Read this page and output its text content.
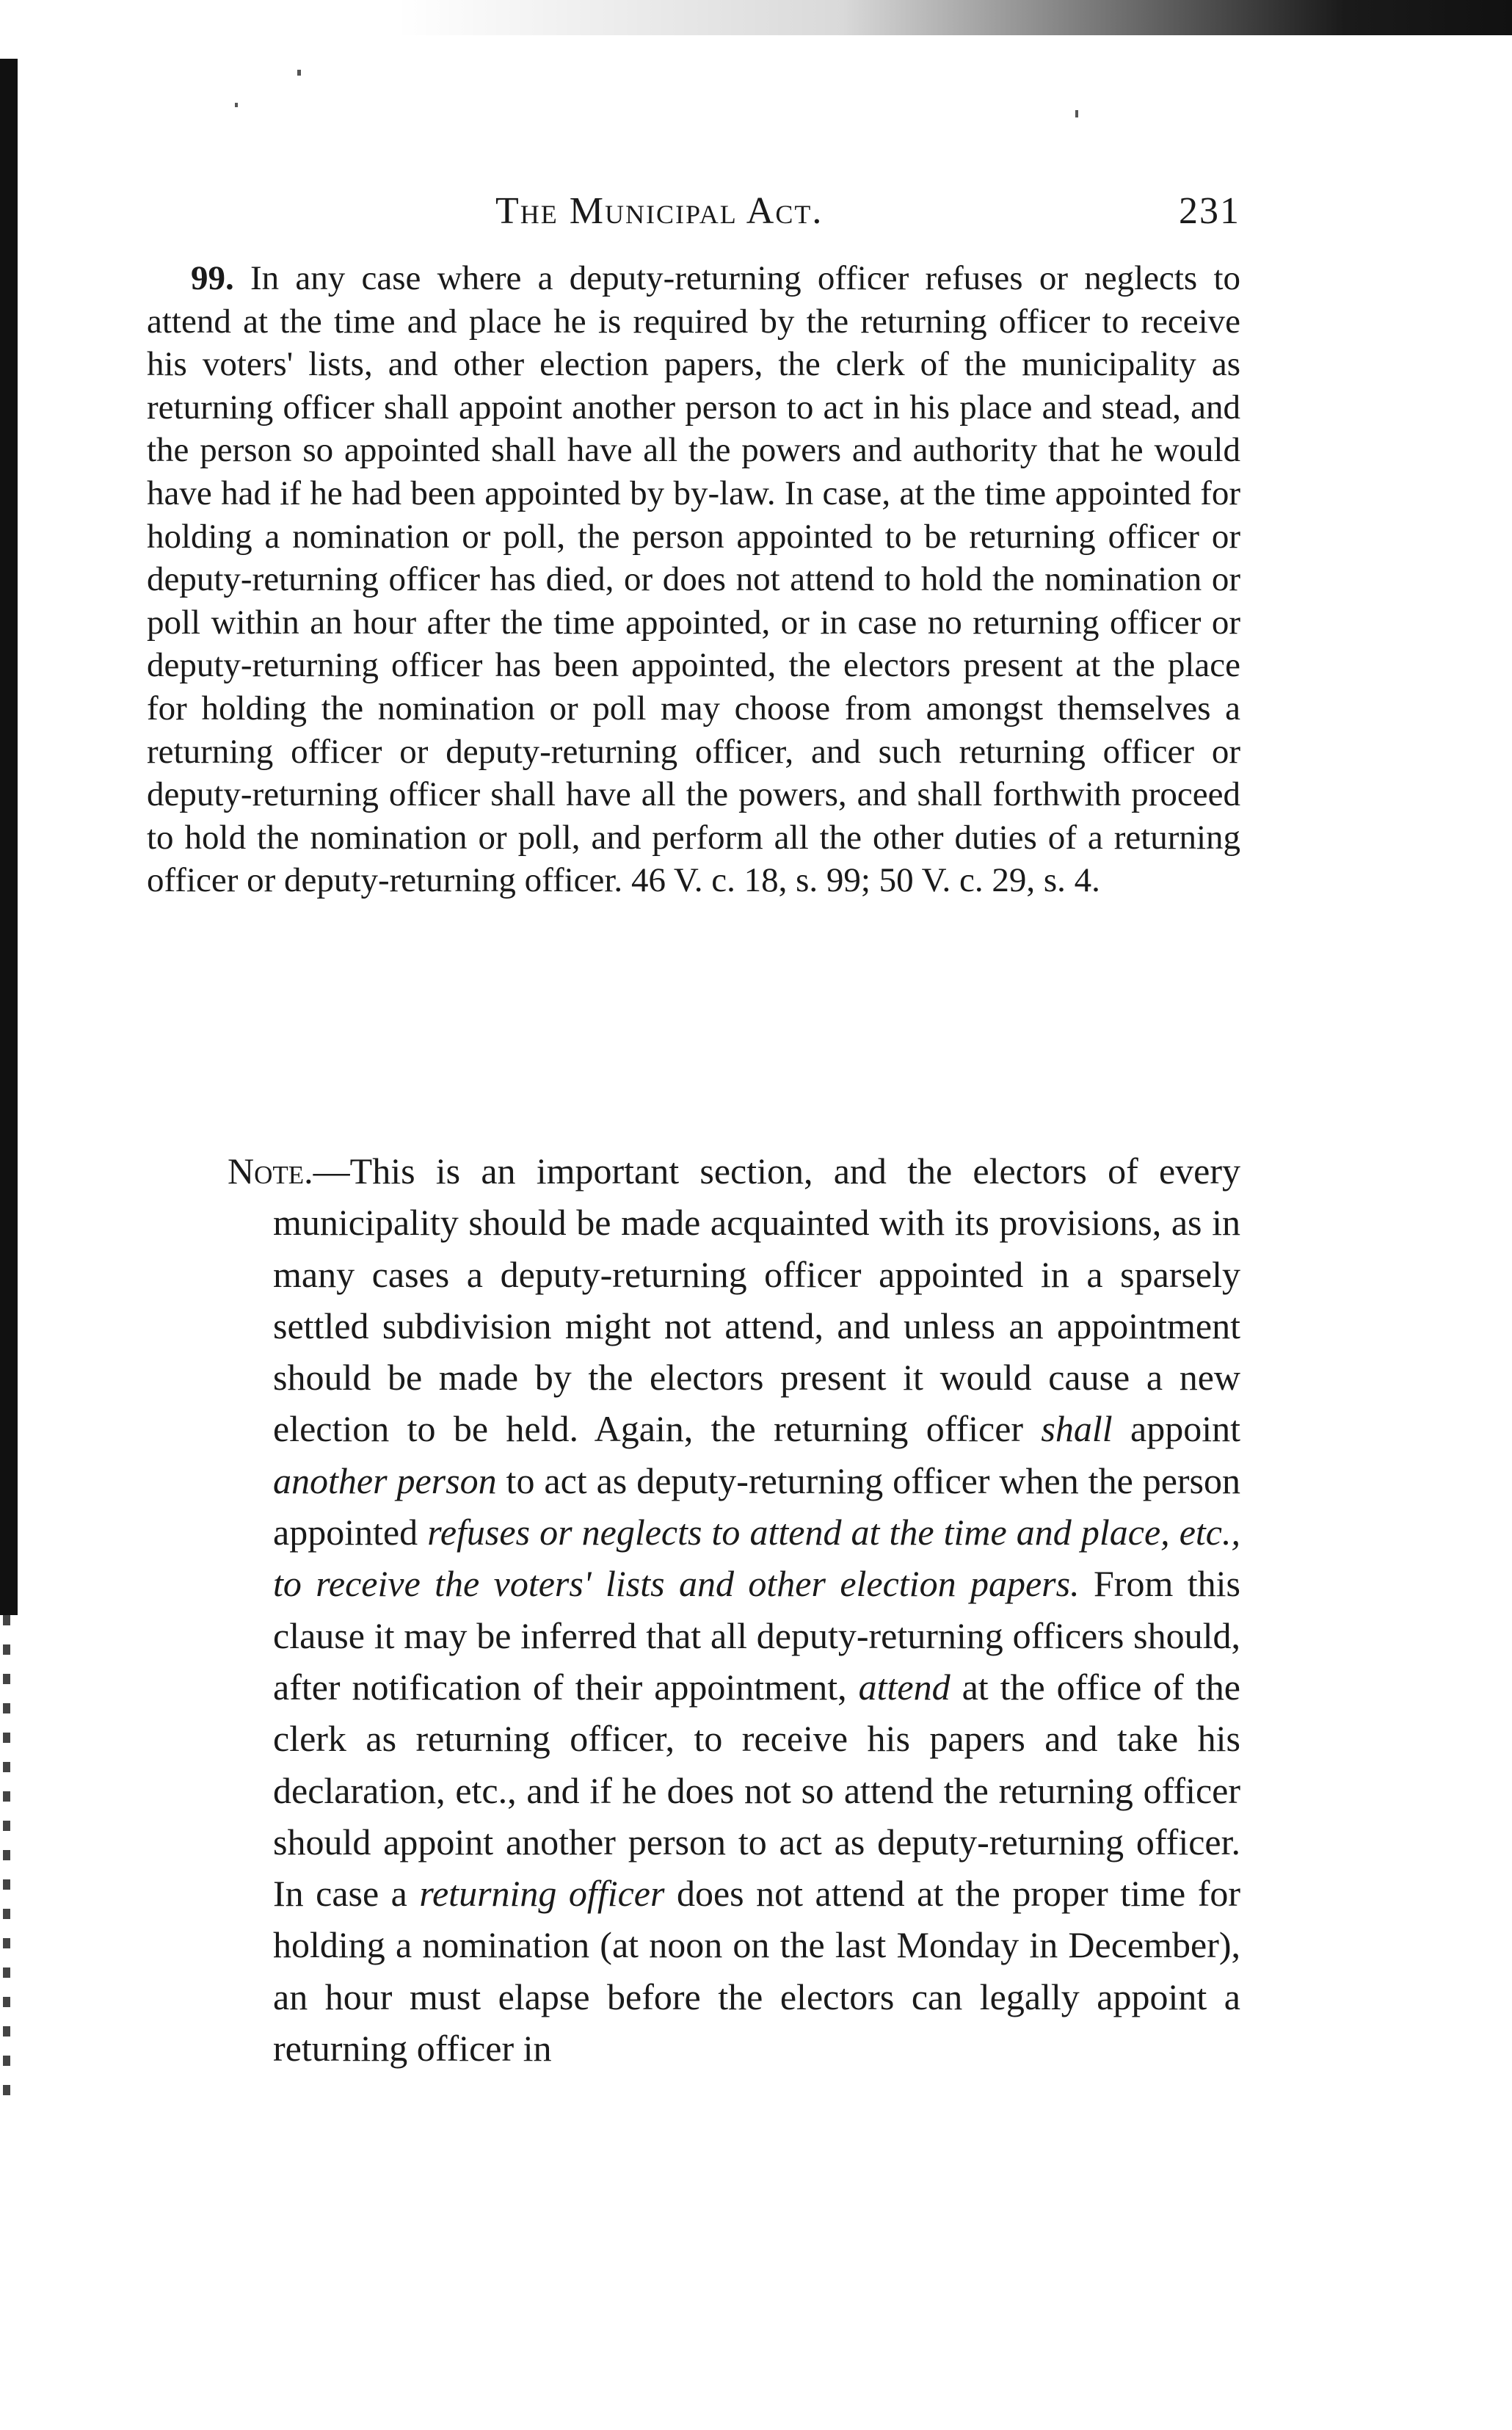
The Municipal Act.	231

99. In any case where a deputy-returning officer refuses or neglects to attend at the time and place he is required by the returning officer to receive his voters' lists, and other election papers, the clerk of the municipality as returning officer shall appoint another person to act in his place and stead, and the person so appointed shall have all the powers and authority that he would have had if he had been appointed by by-law. In case, at the time appointed for holding a nomination or poll, the person appointed to be returning officer or deputy-returning officer has died, or does not attend to hold the nomination or poll within an hour after the time appointed, or in case no returning officer or deputy-returning officer has been appointed, the electors present at the place for holding the nomination or poll may choose from amongst themselves a returning officer or deputy-returning officer, and such returning officer or deputy-returning officer shall have all the powers, and shall forthwith proceed to hold the nomination or poll, and perform all the other duties of a returning officer or deputy-returning officer. 46 V. c. 18, s. 99; 50 V. c. 29, s. 4.

Note.—This is an important section, and the electors of every municipality should be made acquainted with its provisions, as in many cases a deputy-returning officer appointed in a sparsely settled subdivision might not attend, and unless an appointment should be made by the electors present it would cause a new election to be held. Again, the returning officer shall appoint another person to act as deputy-returning officer when the person appointed refuses or neglects to attend at the time and place, etc., to receive the voters' lists and other election papers. From this clause it may be inferred that all deputy-returning officers should, after notification of their appointment, attend at the office of the clerk as returning officer, to receive his papers and take his declaration, etc., and if he does not so attend the returning officer should appoint another person to act as deputy-returning officer. In case a returning officer does not attend at the proper time for holding a nomination (at noon on the last Monday in December), an hour must elapse before the electors can legally appoint a returning officer in
